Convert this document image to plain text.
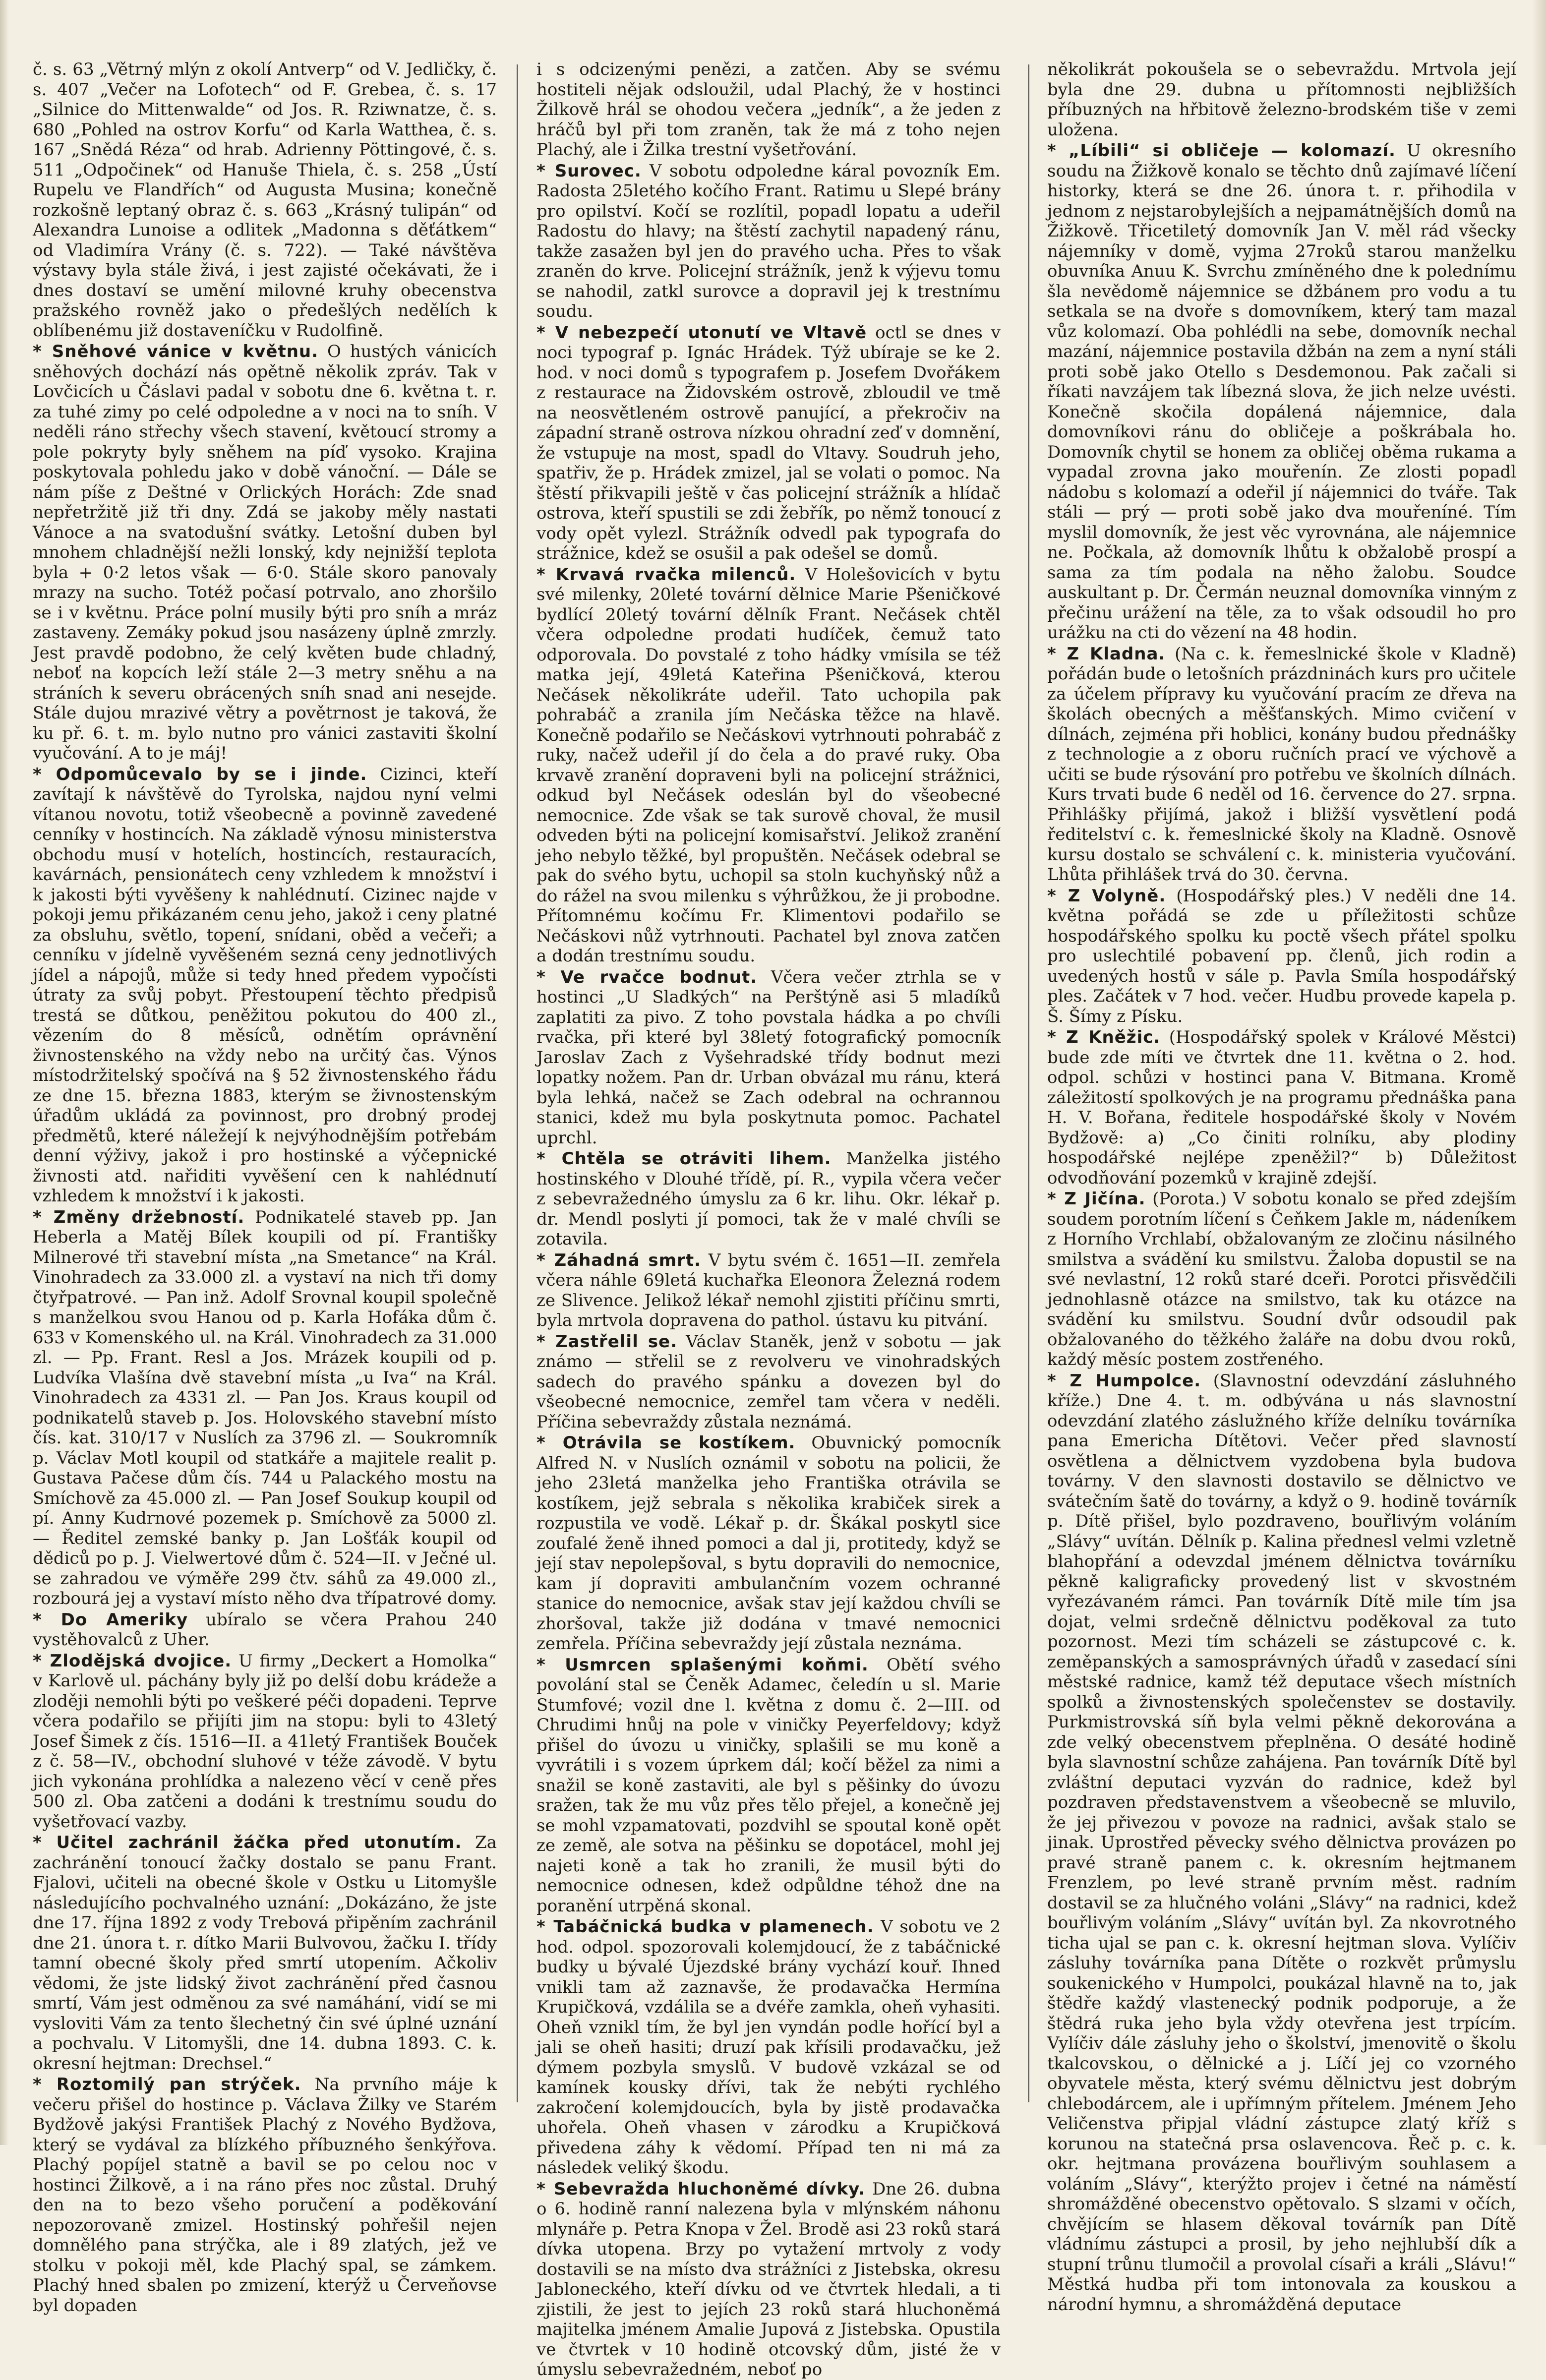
č. s. 63 „Větrný mlýn z okolí Antverp“ od V. Jedličky, č. s. 407 „Večer na Lofotech“ od F. Grebea, č. s. 17 „Silnice do Mittenwalde“ od Jos. R. Rziwnatze, č. s. 680 „Pohled na ostrov Korfu“ od Karla Watthea, č. s. 167 „Snědá Réza“ od hrab. Adrienny Pöttingové, č. s. 511 „Odpočinek“ od Hanuše Thiela, č. s. 258 „Ústí Rupelu ve Flandřích“ od Augusta Musina; konečně rozkošně leptaný obraz č. s. 663 „Krásný tulipán“ od Alexandra Lunoise a odlitek „Madonna s děťátkem“ od Vladimíra Vrány (č. s. 722). — Také návštěva výstavy byla stále živá, i jest zajisté očekávati, že i dnes dostaví se umění milovné kruhy obecenstva pražského rovněž jako o předešlých nedělích k oblíbenému již dostaveníčku v Rudolfině.

* Sněhové vánice v květnu. O hustých vánicích sněhových dochází nás opětně několik zpráv. Tak v Lovčicích u Čáslavi padal v sobotu dne 6. května t. r. za tuhé zimy po celé odpoledne a v noci na to sníh. V neděli ráno střechy všech stavení, květoucí stromy a pole pokryty byly sněhem na píď vysoko. Krajina poskytovala pohledu jako v době vánoční. — Dále se nám píše z Deštné v Orlických Horách: Zde snad nepřetržitě již tři dny. Zdá se jakoby měly nastati Vánoce a na svatodušní svátky. Letošní duben byl mnohem chladnější nežli lonský, kdy nejnižší teplota byla + 0·2 letos však — 6·0. Stále skoro panovaly mrazy na sucho. Totéž počasí potrvalo, ano zhoršilo se i v květnu. Práce polní musily býti pro sníh a mráz zastaveny. Zemáky pokud jsou nasázeny úplně zmrzly. Jest pravdě podobno, že celý květen bude chladný, neboť na kopcích leží stále 2—3 metry sněhu a na stráních k severu obrácených sníh snad ani nesejde. Stále dujou mrazivé větry a povětrnost je taková, že ku př. 6. t. m. bylo nutno pro vánici zastaviti školní vyučování. A to je máj!

* Odpomůcevalo by se i jinde. Cizinci, kteří zavítají k návštěvě do Tyrolska, najdou nyní velmi vítanou novotu, totiž všeobecně a povinně zavedené cenníky v hostincích. Na základě výnosu ministerstva obchodu musí v hotelích, hostincích, restauracích, kavárnách, pensionátech ceny vzhledem k množství i k jakosti býti vyvěšeny k nahlédnutí. Cizinec najde v pokoji jemu přikázaném cenu jeho, jakož i ceny platné za obsluhu, světlo, topení, snídani, oběd a večeři; a cenníku v jídelně vyvěšeném sezná ceny jednotlivých jídel a nápojů, může si tedy hned předem vypočísti útraty za svůj pobyt. Přestoupení těchto předpisů trestá se důtkou, peněžitou pokutou do 400 zl., vězením do 8 měsíců, odnětím oprávnění živnostenského na vždy nebo na určitý čas. Výnos místodržitelský spočívá na § 52 živnostenského řádu ze dne 15. března 1883, kterým se živnostenským úřadům ukládá za povinnost, pro drobný prodej předmětů, které náležejí k nejvýhodnějším potřebám denní výživy, jakož i pro hostinské a výčepnické živnosti atd. nařiditi vyvěšení cen k nahlédnutí vzhledem k množství i k jakosti.

* Změny držebností. Podnikatelé staveb pp. Jan Heberla a Matěj Bílek koupili od pí. Františky Milnerové tři stavební místa „na Smetance“ na Král. Vinohradech za 33.000 zl. a vystaví na nich tři domy čtyřpatrové. — Pan inž. Adolf Srovnal koupil společně s manželkou svou Hanou od p. Karla Hofáka dům č. 633 v Komenského ul. na Král. Vinohradech za 31.000 zl. — Pp. Frant. Resl a Jos. Mrázek koupili od p. Ludvíka Vlašína dvě stavební místa „u Iva“ na Král. Vinohradech za 4331 zl. — Pan Jos. Kraus koupil od podnikatelů staveb p. Jos. Holovského stavební místo čís. kat. 310/17 v Nuslích za 3796 zl. — Soukromník p. Václav Motl koupil od statkáře a majitele realit p. Gustava Pačese dům čís. 744 u Palackého mostu na Smíchově za 45.000 zl. — Pan Josef Soukup koupil od pí. Anny Kudrnové pozemek p. Smíchově za 5000 zl. — Ředitel zemské banky p. Jan Lošťák koupil od dědiců po p. J. Vielwertové dům č. 524—II. v Ječné ul. se zahradou ve výměře 299 čtv. sáhů za 49.000 zl., rozbourá jej a vystaví místo něho dva třípatrové domy.

* Do Ameriky ubíralo se včera Prahou 240 vystěhovalců z Uher.

* Zlodějská dvojice. U firmy „Deckert a Homolka“ v Karlově ul. páchány byly již po delší dobu krádeže a zloději nemohli býti po veškeré péči dopadeni. Teprve včera podařilo se přijíti jim na stopu: byli to 43letý Josef Šimek z čís. 1516—II. a 41letý František Bouček z č. 58—IV., obchodní sluhové v téže závodě. V bytu jich vykonána prohlídka a nalezeno věcí v ceně přes 500 zl. Oba zatčeni a dodáni k trestnímu soudu do vyšetřovací vazby.

* Učitel zachránil žáčka před utonutím. Za zachránění tonoucí žačky dostalo se panu Frant. Fjalovi, učiteli na obecné škole v Ostku u Litomyšle následujícího pochvalného uznání: „Dokázáno, že jste dne 17. října 1892 z vody Trebová připěním zachránil dne 21. února t. r. dítko Marii Bulvovou, žačku I. třídy tamní obecné školy před smrtí utopením. Ačkoliv vědomi, že jste lidský život zachránění před časnou smrtí, Vám jest odměnou za své namáhání, vidí se mi vysloviti Vám za tento šlechetný čin své úplné uznání a pochvalu. V Litomyšli, dne 14. dubna 1893. C. k. okresní hejtman: Drechsel.“

* Roztomilý pan strýček. Na prvního máje k večeru přišel do hostince p. Václava Žilky ve Starém Bydžově jakýsi František Plachý z Nového Bydžova, který se vydával za blízkého příbuzného šenkýřova. Plachý popíjel statně a bavil se po celou noc v hostinci Žilkově, a i na ráno přes noc zůstal. Druhý den na to bezo všeho poručení a poděkování nepozorovaně zmizel. Hostinský pohřešil nejen domnělého pana strýčka, ale i 89 zlatých, jež ve stolku v pokoji měl, kde Plachý spal, se zámkem. Plachý hned sbalen po zmizení, kterýž u Červeňovse byl dopaden

i s odcizenými penězi, a zatčen. Aby se svému hostiteli nějak odsloužil, udal Plachý, že v hostinci Žilkově hrál se ohodou večera „jedník“, a že jeden z hráčů byl při tom zraněn, tak že má z toho nejen Plachý, ale i Žilka trestní vyšetřování.

* Surovec. V sobotu odpoledne káral povozník Em. Radosta 25letého kočího Frant. Ratimu u Slepé brány pro opilství. Kočí se rozlítil, popadl lopatu a udeřil Radostu do hlavy; na štěstí zachytil napadený ránu, takže zasažen byl jen do pravého ucha. Přes to však zraněn do krve. Policejní strážník, jenž k výjevu tomu se nahodil, zatkl surovce a dopravil jej k trestnímu soudu.

* V nebezpečí utonutí ve Vltavě octl se dnes v noci typograf p. Ignác Hrádek. Týž ubíraje se ke 2. hod. v noci domů s typografem p. Josefem Dvořákem z restaurace na Židovském ostrově, zbloudil ve tmě na neosvětleném ostrově panující, a překročiv na západní straně ostrova nízkou ohradní zeď v domnění, že vstupuje na most, spadl do Vltavy. Soudruh jeho, spatřiv, že p. Hrádek zmizel, jal se volati o pomoc. Na štěstí přikvapili ještě v čas policejní strážník a hlídač ostrova, kteří spustili se zdi žebřík, po němž tonoucí z vody opět vylezl. Strážník odvedl pak typografa do strážnice, kdež se osušil a pak odešel se domů.

* Krvavá rvačka milenců. V Holešovicích v bytu své milenky, 20leté tovární dělnice Marie Pšeničkové bydlící 20letý tovární dělník Frant. Nečásek chtěl včera odpoledne prodati hudíček, čemuž tato odporovala. Do povstalé z toho hádky vmísila se též matka její, 49letá Kateřina Pšeničková, kterou Nečásek několikráte udeřil. Tato uchopila pak pohrabáč a zranila jím Nečáska těžce na hlavě. Konečně podařilo se Nečáskovi vytrhnouti pohrabáč z ruky, načež udeřil jí do čela a do pravé ruky. Oba krvavě zranění dopraveni byli na policejní strážnici, odkud byl Nečásek odeslán byl do všeobecné nemocnice. Zde však se tak surově choval, že musil odveden býti na policejní komisařství. Jelikož zranění jeho nebylo těžké, byl propuštěn. Nečásek odebral se pak do svého bytu, uchopil sa stoln kuchyňský nůž a do rážel na svou milenku s výhrůžkou, že ji probodne. Přítomnému kočímu Fr. Klimentovi podařilo se Nečáskovi nůž vytrhnouti. Pachatel byl znova zatčen a dodán trestnímu soudu.

* Ve rvačce bodnut. Včera večer ztrhla se v hostinci „U Sladkých“ na Perštýně asi 5 mladíků zaplatiti za pivo. Z toho povstala hádka a po chvíli rvačka, při které byl 38letý fotografický pomocník Jaroslav Zach z Vyšehradské třídy bodnut mezi lopatky nožem. Pan dr. Urban obvázal mu ránu, která byla lehká, načež se Zach odebral na ochrannou stanici, kdež mu byla poskytnuta pomoc. Pachatel uprchl.

* Chtěla se otráviti lihem. Manželka jistého hostinského v Dlouhé třídě, pí. R., vypila včera večer z sebevražedného úmyslu za 6 kr. lihu. Okr. lékař p. dr. Mendl poslyti jí pomoci, tak že v malé chvíli se zotavila.

* Záhadná smrt. V bytu svém č. 1651—II. zemřela včera náhle 69letá kuchařka Eleonora Železná rodem ze Slivence. Jelikož lékař nemohl zjistiti příčinu smrti, byla mrtvola dopravena do pathol. ústavu ku pitvání.

* Zastřelil se. Václav Staněk, jenž v sobotu — jak známo — střelil se z revolveru ve vinohradských sadech do pravého spánku a dovezen byl do všeobecné nemocnice, zemřel tam včera v neděli. Příčina sebevraždy zůstala neznámá.

* Otrávila se kostíkem. Obuvnický pomocník Alfred N. v Nuslích oznámil v sobotu na policii, že jeho 23letá manželka jeho Františka otrávila se kostíkem, jejž sebrala s několika krabiček sirek a rozpustila ve vodě. Lékař p. dr. Škákal poskytl sice zoufalé ženě ihned pomoci a dal ji, protitedy, když se její stav nepolepšoval, s bytu dopravili do nemocnice, kam jí dopraviti ambulančním vozem ochranné stanice do nemocnice, avšak stav její každou chvíli se zhoršoval, takže již dodána v tmavé nemocnici zemřela. Příčina sebevraždy její zůstala neznáma.

* Usmrcen splašenými koňmi. Obětí svého povolání stal se Čeněk Adamec, čeledín u sl. Marie Stumfové; vozil dne l. května z domu č. 2—III. od Chrudimi hnůj na pole v viničky Peyerfeldovy; když přišel do úvozu u viničky, splašili se mu koně a vyvrátili i s vozem úprkem dál; kočí běžel za nimi a snažil se koně zastaviti, ale byl s pěšinky do úvozu sražen, tak že mu vůz přes tělo přejel, a konečně jej se mohl vzpamatovati, pozdvihl se spoutal koně opět ze země, ale sotva na pěšinku se dopotácel, mohl jej najeti koně a tak ho zranili, že musil býti do nemocnice odnesen, kdež odpůldne téhož dne na poranění utrpěná skonal.

* Tabáčnická budka v plamenech. V sobotu ve 2 hod. odpol. spozorovali kolemjdoucí, že z tabáčnické budky u bývalé Újezdské brány vychází kouř. Ihned vnikli tam až zaznavše, že prodavačka Hermína Krupičková, vzdálila se a dvéře zamkla, oheň vyhasiti. Oheň vznikl tím, že byl jen vyndán podle hořící byl a jali se oheň hasiti; druzí pak křísili prodavačku, jež dýmem pozbyla smyslů. V budově vzkázal se od kamínek kousky dřívi, tak že nebýti rychlého zakročení kolemjdoucích, byla by jistě prodavačka uhořela. Oheň vhasen v zárodku a Krupičková přivedena záhy k vědomí. Případ ten ni má za následek veliký škodu.

* Sebevražda hluchoněmé dívky. Dne 26. dubna o 6. hodině ranní nalezena byla v mlýnském náhonu mlynáře p. Petra Knopa v Žel. Brodě asi 23 roků stará dívka utopena. Brzy po vytažení mrtvoly z vody dostavili se na místo dva strážníci z Jistebska, okresu Jabloneckého, kteří dívku od ve čtvrtek hledali, a ti zjistili, že jest to jejích 23 roků stará hluchoněmá majitelka jménem Amalie Jupová z Jistebska. Opustila ve čtvrtek v 10 hodině otcovský dům, jisté že v úmyslu sebevražedném, neboť po

několikrát pokoušela se o sebevraždu. Mrtvola její byla dne 29. dubna u přítomnosti nejbližších příbuzných na hřbitově železno-brodském tiše v zemi uložena.

* „Líbili“ si obličeje — kolomazí. U okresního soudu na Žižkově konalo se těchto dnů zajímavé líčení historky, která se dne 26. února t. r. přihodila v jednom z nejstarobylejších a nejpamátnějších domů na Žižkově. Třicetiletý domovník Jan V. měl rád všecky nájemníky v domě, vyjma 27roků starou manželku obuvníka Anuu K. Svrchu zmíněného dne k polednímu šla nevědomě nájemnice se džbánem pro vodu a tu setkala se na dvoře s domovníkem, který tam mazal vůz kolomazí. Oba pohlédli na sebe, domovník nechal mazání, nájemnice postavila džbán na zem a nyní stáli proti sobě jako Otello s Desdemonou. Pak začali si říkati navzájem tak líbezná slova, že jich nelze uvésti. Konečně skočila dopálená nájemnice, dala domovníkovi ránu do obličeje a poškrábala ho. Domovník chytil se honem za obličej oběma rukama a vypadal zrovna jako mouřenín. Ze zlosti popadl nádobu s kolomazí a odeřil jí nájemnici do tváře. Tak stáli — prý — proti sobě jako dva mouřeníné. Tím myslil domovník, že jest věc vyrovnána, ale nájemnice ne. Počkala, až domovník lhůtu k obžalobě prospí a sama za tím podala na něho žalobu. Soudce auskultant p. Dr. Čermán neuznal domovníka vinným z přečinu urážení na těle, za to však odsoudil ho pro urážku na cti do vězení na 48 hodin.

* Z Kladna. (Na c. k. řemeslnické škole v Kladně) pořádán bude o letošních prázdninách kurs pro učitele za účelem přípravy ku vyučování pracím ze dřeva na školách obecných a měšťanských. Mimo cvičení v dílnách, zejména při hoblici, konány budou přednášky z technologie a z oboru ručních prací ve výchově a učiti se bude rýsování pro potřebu ve školních dílnách. Kurs trvati bude 6 neděl od 16. července do 27. srpna. Přihlášky přijímá, jakož i bližší vysvětlení podá ředitelství c. k. řemeslnické školy na Kladně. Osnově kursu dostalo se schválení c. k. ministeria vyučování. Lhůta přihlášek trvá do 30. června.

* Z Volyně. (Hospodářský ples.) V neděli dne 14. května pořádá se zde u příležitosti schůze hospodářského spolku ku poctě všech přátel spolku pro uslechtilé pobavení pp. členů, jich rodin a uvedených hostů v sále p. Pavla Smíla hospodářský ples. Začátek v 7 hod. večer. Hudbu provede kapela p. Š. Šímy z Písku.

* Z Kněžic. (Hospodářský spolek v Králové Městci) bude zde míti ve čtvrtek dne 11. května o 2. hod. odpol. schůzi v hostinci pana V. Bitmana. Kromě záležitostí spolkových je na programu přednáška pana H. V. Bořana, ředitele hospodářské školy v Novém Bydžově: a) „Co činiti rolníku, aby plodiny hospodářské nejlépe zpeněžil?“ b) Důležitost odvodňování pozemků v krajině zdejší.

* Z Jičína. (Porota.) V sobotu konalo se před zdejším soudem porotním líčení s Čeňkem Jakle m, nádeníkem z Horního Vrchlabí, obžalovaným ze zločinu násilného smilstva a svádění ku smilstvu. Žaloba dopustil se na své nevlastní, 12 roků staré dceři. Porotci přisvědčili jednohlasně otázce na smilstvo, tak ku otázce na svádění ku smilstvu. Soudní dvůr odsoudil pak obžalovaného do těžkého žaláře na dobu dvou roků, každý měsíc postem zostřeného.

* Z Humpolce. (Slavnostní odevzdání zásluhného kříže.) Dne 4. t. m. odbývána u nás slavnostní odevzdání zlatého záslužného kříže delníku továrníka pana Emericha Dítětovi. Večer před slavností osvětlena a dělnictvem vyzdobena byla budova továrny. V den slavnosti dostavilo se dělnictvo ve svátečním šatě do továrny, a když o 9. hodině továrník p. Dítě přišel, bylo pozdraveno, bouřlivým voláním „Slávy“ uvítán. Dělník p. Kalina přednesl velmi vzletně blahopřání a odevzdal jménem dělnictva továrníku pěkně kaligraficky provedený list v skvostném vyřezávaném rámci. Pan továrník Dítě mile tím jsa dojat, velmi srdečně dělnictvu poděkoval za tuto pozornost. Mezi tím scházeli se zástupcové c. k. zeměpanských a samosprávných úřadů v zasedací síni městské radnice, kamž též deputace všech místních spolků a živnostenských společenstev se dostavily. Purkmistrovská síň byla velmi pěkně dekorována a zde velký obecenstvem přeplněna. O desáté hodině byla slavnostní schůze zahájena. Pan továrník Dítě byl zvláštní deputaci vyzván do radnice, kdež byl pozdraven představenstvem a všeobecně se mluvilo, že jej přivezou v povoze na radnici, avšak stalo se jinak. Uprostřed pěvecky svého dělnictva provázen po pravé straně panem c. k. okresním hejtmanem Frenzlem, po levé straně prvním měst. radním dostavil se za hlučného voláni „Slávy“ na radnici, kdež bouřlivým voláním „Slávy“ uvítán byl. Za nkovrotného ticha ujal se pan c. k. okresní hejtman slova. Vylíčiv zásluhy továrníka pana Dítěte o rozkvět průmyslu soukenického v Humpolci, poukázal hlavně na to, jak štědře každý vlastenecký podnik podporuje, a že štědrá ruka jeho byla vždy otevřena jest trpícím. Vylíčiv dále zásluhy jeho o školství, jmenovitě o školu tkalcovskou, o dělnické a j. Líčí jej co vzorného obyvatele města, který svému dělnictvu jest dobrým chlebodárcem, ale i upřímným přítelem. Jménem Jeho Veličenstva připjal vládní zástupce zlatý kříž s korunou na statečná prsa oslavencova. Řeč p. c. k. okr. hejtmana provázena bouřlivým souhlasem a voláním „Slávy“, kterýžto projev i četné na náměstí shromážděné obecenstvo opětovalo. S slzami v očích, chvějícím se hlasem děkoval továrník pan Dítě vládnímu zástupci a prosil, by jeho nejhlubší dík a stupní trůnu tlumočil a provolal císaři a králi „Slávu!“ Městká hudba při tom intonovala za kouskou a národní hymnu, a shromážděná deputace
